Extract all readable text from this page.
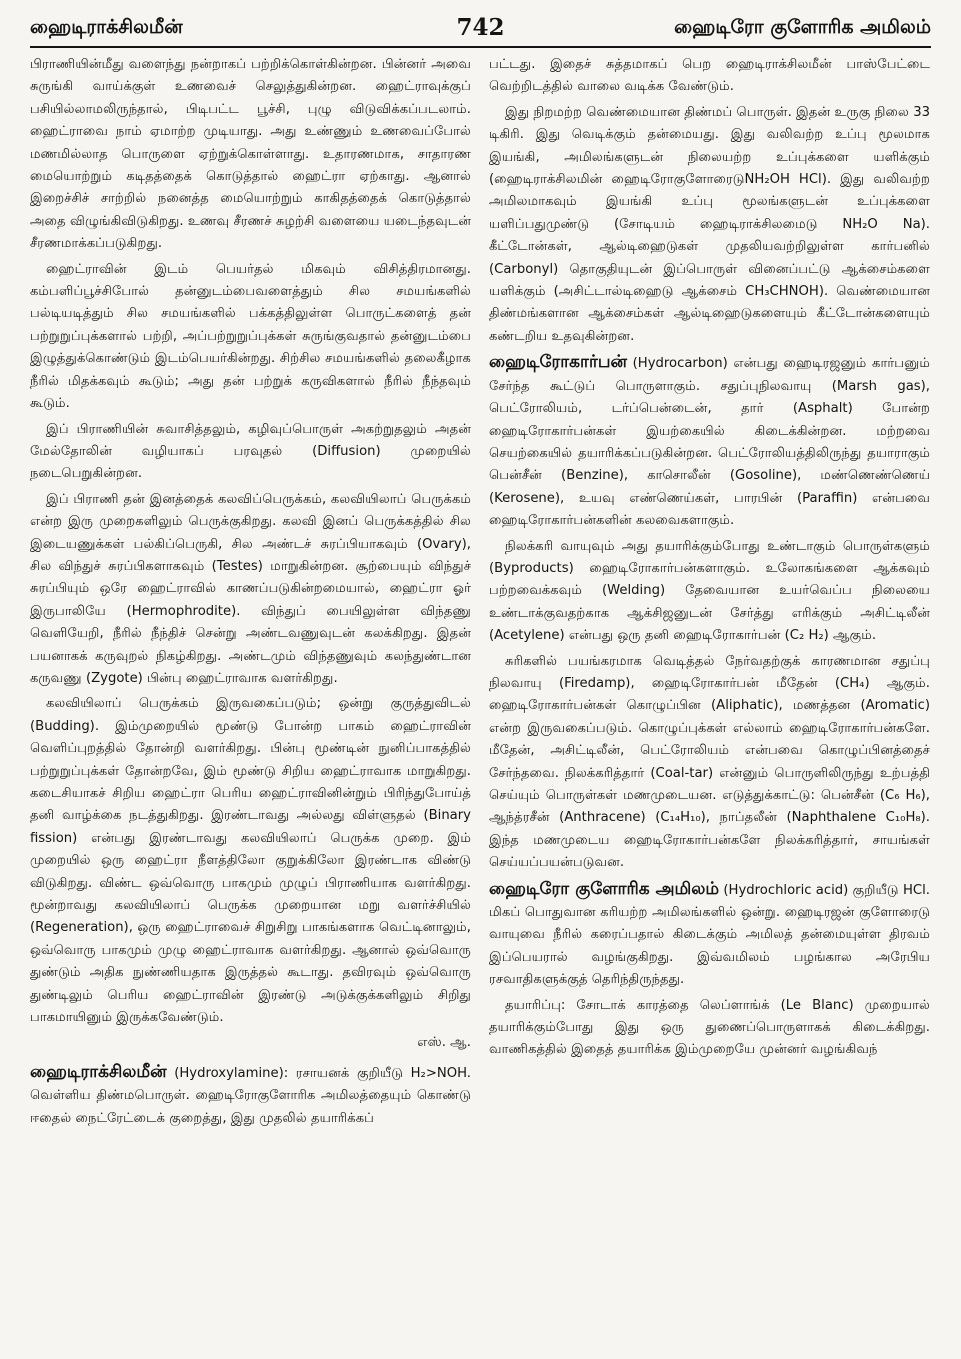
ஹைடிராக்சிலமீன்	742	ஹைடிரோ குளோரிக அமிலம்

பிராணியின்மீது வளைந்து நன்றாகப் பற்றிக்கொள்கின்றன. பின்னர் அவை சுருங்கி வாய்க்குள் உணவைச் செலுத்துகின்றன. ஹைட்ராவுக்குப் பசியில்லாமலிருந்தால், பிடிபட்ட பூச்சி, புழு விடுவிக்கப்படலாம். ஹைட்ராவை நாம் ஏமாற்ற முடியாது. அது உண்ணும் உணவைப்போல் மணமில்லாத பொருளை ஏற்றுக்கொள்ளாது. உதாரணமாக, சாதாரண மையொற்றும் கடிதத்தைக் கொடுத்தால் ஹைட்ரா ஏற்காது. ஆனால் இறைச்சிச் சாற்றில் நனைத்த மையொற்றும் காகிதத்தைக் கொடுத்தால் அதை விழுங்கிவிடுகிறது. உணவு சீரணச் சுழற்சி வளையை யடைந்தவுடன் சீரணமாக்கப்படுகிறது.

ஹைட்ராவின் இடம் பெயர்தல் மிகவும் விசித்திரமானது. கம்பளிப்பூச்சிபோல் தன்னுடம்பைவளைத்தும் சில சமயங்களில் பல்டியடித்தும் சில சமயங்களில் பக்கத்திலுள்ள பொருட்களைத் தன் பற்றுறுப்புக்களால் பற்றி, அப்பற்றுறுப்புக்கள் சுருங்குவதால் தன்னுடம்பை இழுத்துக்கொண்டும் இடம்பெயர்கின்றது. சிற்சில சமயங்களில் தலைகீழாக நீரில் மிதக்கவும் கூடும்; அது தன் பற்றுக் கருவிகளால் நீரில் நீந்தவும் கூடும்.

இப் பிராணியின் சுவாசித்தலும், கழிவுப்பொருள் அகற்றுதலும் அதன் மேல்தோலின் வழியாகப் பரவுதல் (Diffusion) முறையில் நடைபெறுகின்றன.

இப் பிராணி தன் இனத்தைக் கலவிப்பெருக்கம், கலவியிலாப் பெருக்கம் என்ற இரு முறைகளிலும் பெருக்குகிறது. கலவி இனப் பெருக்கத்தில் சில இடையணுக்கள் பல்கிப்பெருகி, சில அண்டச் சுரப்பியாகவும் (Ovary), சில விந்துச் சுரப்பிகளாகவும் (Testes) மாறுகின்றன. சூற்பையும் விந்துச் சுரப்பியும் ஒரே ஹைட்ராவில் காணப்படுகின்றமையால், ஹைட்ரா ஓர் இருபாலியே (Hermophrodite). விந்துப் பையிலுள்ள விந்தணு வெளியேறி, நீரில் நீந்திச் சென்று அண்டவணுவுடன் கலக்கிறது. இதன் பயனாகக் கருவுறல் நிகழ்கிறது. அண்டமும் விந்தணுவும் கலந்துண்டான கருவணு (Zygote) பின்பு ஹைட்ராவாக வளர்கிறது.

கலவியிலாப் பெருக்கம் இருவகைப்படும்; ஒன்று குருத்துவிடல் (Budding). இம்முறையில் மூண்டு போன்ற பாகம் ஹைட்ராவின் வெளிப்புறத்தில் தோன்றி வளர்கிறது. பின்பு மூண்டின் நுனிப்பாகத்தில் பற்றுறுப்புக்கள் தோன்றவே, இம் மூண்டு சிறிய ஹைட்ராவாக மாறுகிறது. கடைசியாகச் சிறிய ஹைட்ரா பெரிய ஹைட்ராவினின்றும் பிரிந்துபோய்த் தனி வாழ்க்கை நடத்துகிறது. இரண்டாவது அல்லது விள்ளுதல் (Binary fission) என்பது இரண்டாவது கலவியிலாப் பெருக்க முறை. இம் முறையில் ஒரு ஹைட்ரா நீளத்திலோ குறுக்கிலோ இரண்டாக விண்டு விடுகிறது. விண்ட ஒவ்வொரு பாகமும் முழுப் பிராணியாக வளர்கிறது. மூன்றாவது கலவியிலாப் பெருக்க முறையான மறு வளர்ச்சியில் (Regeneration), ஒரு ஹைட்ராவைச் சிறுசிறு பாகங்களாக வெட்டினாலும், ஒவ்வொரு பாகமும் முழு ஹைட்ராவாக வளர்கிறது. ஆனால் ஒவ்வொரு துண்டும் அதிக நுண்ணியதாக இருத்தல் கூடாது. தவிரவும் ஒவ்வொரு துண்டிலும் பெரிய ஹைட்ராவின் இரண்டு அடுக்குக்களிலும் சிறிது பாகமாயினும் இருக்கவேண்டும்.

எஸ். ஆ.

ஹைடிராக்சிலமீன் (Hydroxylamine): ரசாயனக் குறியீடு H₂>NOH. வெள்ளிய திண்மபொருள். ஹைடிரோகுளோரிக அமிலத்தையும் கொண்டு ஈதைல் நைட்ரேட்டைக் குறைத்து, இது முதலில் தயாரிக்கப்

பட்டது. இதைச் சுத்தமாகப் பெற ஹைடிராக்சிலமீன் பாஸ்பேட்டை வெற்றிடத்தில் வாலை வடிக்க வேண்டும்.

இது நிறமற்ற வெண்மையான திண்மப் பொருள். இதன் உருகு நிலை 33 டிகிரி. இது வெடிக்கும் தன்மையது. இது வலிவற்ற உப்பு மூலமாக இயங்கி, அமிலங்களுடன் நிலையற்ற உப்புக்களை யளிக்கும் (ஹைடிராக்சிலமின் ஹைடிரோகுளோரைடுNH₂OH HCl). இது வலிவற்ற அமிலமாகவும் இயங்கி உப்பு மூலங்களுடன் உப்புக்களை யளிப்பதுமுண்டு (சோடியம் ஹைடிராக்சிலமைடு NH₂O Na). கீட்டோன்கள், ஆல்டிஹைடுகள் முதலியவற்றிலுள்ள கார்பனில் (Carbonyl) தொகுதியுடன் இப்பொருள் வினைப்பட்டு ஆக்சைம்களை யளிக்கும் (அசிட்டால்டிஹைடு ஆக்சைம் CH₃CHNOH). வெண்மையான திண்மங்களான ஆக்சைம்கள் ஆல்டிஹைடுகளையும் கீட்டோன்களையும் கண்டறிய உதவுகின்றன.

ஹைடிரோகார்பன் (Hydrocarbon) என்பது ஹைடிரஜனும் கார்பனும் சேர்ந்த கூட்டுப் பொருளாகும். சதுப்புநிலவாயு (Marsh gas), பெட்ரோலியம், டர்ப்பென்டைன், தார் (Asphalt) போன்ற ஹைடிரோகார்பன்கள் இயற்கையில் கிடைக்கின்றன. மற்றவை செயற்கையில் தயாரிக்கப்படுகின்றன. பெட்ரோலியத்திலிருந்து தயாராகும் பென்சீன் (Benzine), காசொலீன் (Gosoline), மண்ணெண்ணெய் (Kerosene), உயவு எண்ணெய்கள், பாரபின் (Paraffin) என்பவை ஹைடிரோகார்பன்களின் கலவைகளாகும்.

நிலக்கரி வாயுவும் அது தயாரிக்கும்போது உண்டாகும் பொருள்களும் (Byproducts) ஹைடிரோகார்பன்களாகும். உலோகங்களை ஆக்கவும் பற்றவைக்கவும் (Welding) தேவையான உயர்வெப்ப நிலையை உண்டாக்குவதற்காக ஆக்சிஜனுடன் சேர்த்து எரிக்கும் அசிட்டிலீன் (Acetylene) என்பது ஒரு தனி ஹைடிரோகார்பன் (C₂ H₂) ஆகும்.

சுரிகளில் பயங்கரமாக வெடித்தல் நேர்வதற்குக் காரணமான சதுப்பு நிலவாயு (Firedamp), ஹைடிரோகார்பன் மீதேன் (CH₄) ஆகும். ஹைடிரோகார்பன்கள் கொழுப்பின (Aliphatic), மணத்தன (Aromatic) என்ற இருவகைப்படும். கொழுப்புக்கள் எல்லாம் ஹைடிரோகார்பன்களே. மீதேன், அசிட்டிலீன், பெட்ரோலியம் என்பவை கொழுப்பினத்தைச் சேர்ந்தவை. நிலக்கரித்தார் (Coal-tar) என்னும் பொருளிலிருந்து உற்பத்தி செய்யும் பொருள்கள் மணமுடையன. எடுத்துக்காட்டு: பென்சீன் (C₆ H₆), ஆந்த்ரசீன் (Anthracene) (C₁₄H₁₀), நாப்தலீன் (Naphthalene C₁₀H₈). இந்த மணமுடைய ஹைடிரோகார்பன்களே நிலக்கரித்தார், சாயங்கள் செய்யப்பயன்படுவன.

ஹைடிரோ குளோரிக அமிலம் (Hydrochloric acid) குறியீடு HCl. மிகப் பொதுவான கரியற்ற அமிலங்களில் ஒன்று. ஹைடிரஜன் குளோரைடு வாயுவை நீரில் கரைப்பதால் கிடைக்கும் அமிலத் தன்மையுள்ள திரவம் இப்பெயரால் வழங்குகிறது. இவ்வமிலம் பழங்கால அரேபிய ரசவாதிகளுக்குத் தெரிந்திருந்தது.

தயாரிப்பு: சோடாக் காரத்தை லெப்ளாங்க் (Le Blanc) முறையால் தயாரிக்கும்போது இது ஒரு துணைப்பொருளாகக் கிடைக்கிறது. வாணிகத்தில் இதைத் தயாரிக்க இம்முறையே முன்னர் வழங்கிவந்
